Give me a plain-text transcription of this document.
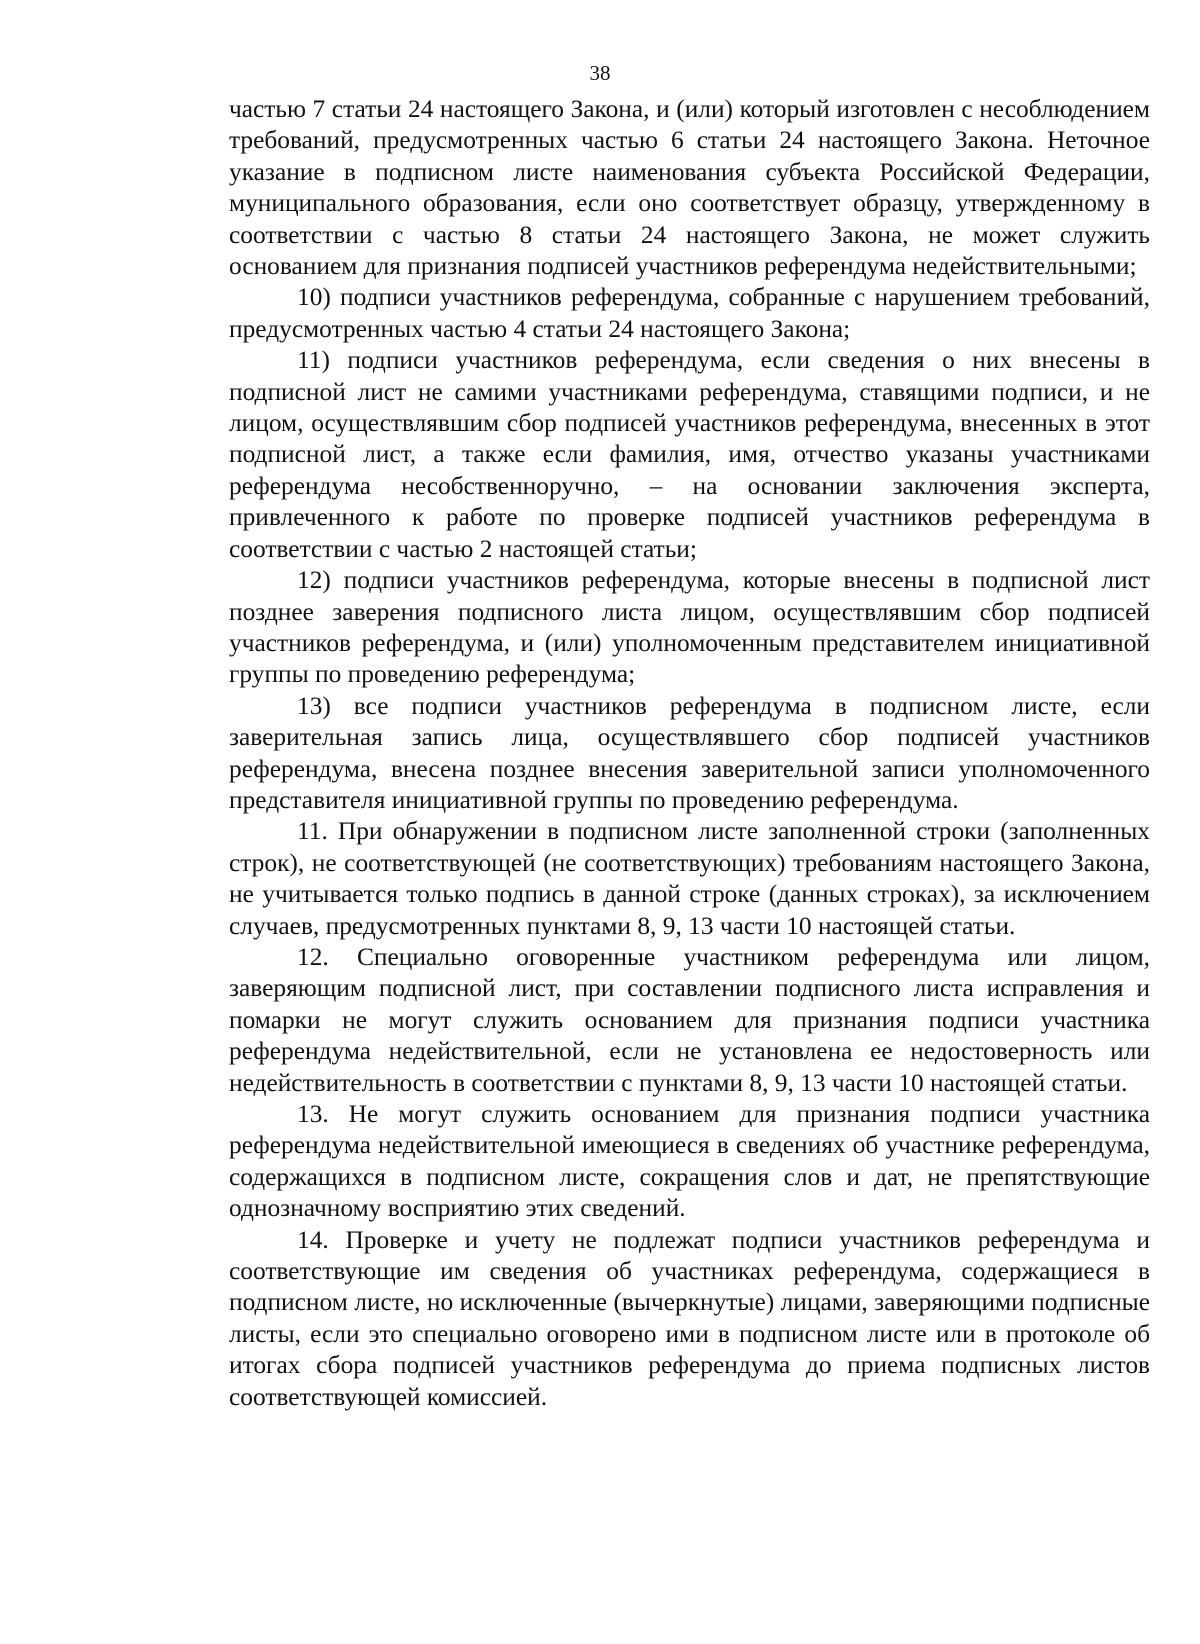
38

частью 7 статьи 24 настоящего Закона, и (или) который изготовлен с несоблюдением требований, предусмотренных частью 6 статьи 24 настоящего Закона. Неточное указание в подписном листе наименования субъекта Российской Федерации, муниципального образования, если оно соответствует образцу, утвержденному в соответствии с частью 8 статьи 24 настоящего Закона, не может служить основанием для признания подписей участников референдума недействительными;

10) подписи участников референдума, собранные с нарушением требований, предусмотренных частью 4 статьи 24 настоящего Закона;

11) подписи участников референдума, если сведения о них внесены в подписной лист не самими участниками референдума, ставящими подписи, и не лицом, осуществлявшим сбор подписей участников референдума, внесенных в этот подписной лист, а также если фамилия, имя, отчество указаны участниками референдума несобственноручно, – на основании заключения эксперта, привлеченного к работе по проверке подписей участников референдума в соответствии с частью 2 настоящей статьи;

12) подписи участников референдума, которые внесены в подписной лист позднее заверения подписного листа лицом, осуществлявшим сбор подписей участников референдума, и (или) уполномоченным представителем инициативной группы по проведению референдума;

13) все подписи участников референдума в подписном листе, если заверительная запись лица, осуществлявшего сбор подписей участников референдума, внесена позднее внесения заверительной записи уполномоченного представителя инициативной группы по проведению референдума.

11. При обнаружении в подписном листе заполненной строки (заполненных строк), не соответствующей (не соответствующих) требованиям настоящего Закона, не учитывается только подпись в данной строке (данных строках), за исключением случаев, предусмотренных пунктами 8, 9, 13 части 10 настоящей статьи.

12. Специально оговоренные участником референдума или лицом, заверяющим подписной лист, при составлении подписного листа исправления и помарки не могут служить основанием для признания подписи участника референдума недействительной, если не установлена ее недостоверность или недействительность в соответствии с пунктами 8, 9, 13 части 10 настоящей статьи.

13. Не могут служить основанием для признания подписи участника референдума недействительной имеющиеся в сведениях об участнике референдума, содержащихся в подписном листе, сокращения слов и дат, не препятствующие однозначному восприятию этих сведений.

14. Проверке и учету не подлежат подписи участников референдума и соответствующие им сведения об участниках референдума, содержащиеся в подписном листе, но исключенные (вычеркнутые) лицами, заверяющими подписные листы, если это специально оговорено ими в подписном листе или в протоколе об итогах сбора подписей участников референдума до приема подписных листов соответствующей комиссией.
